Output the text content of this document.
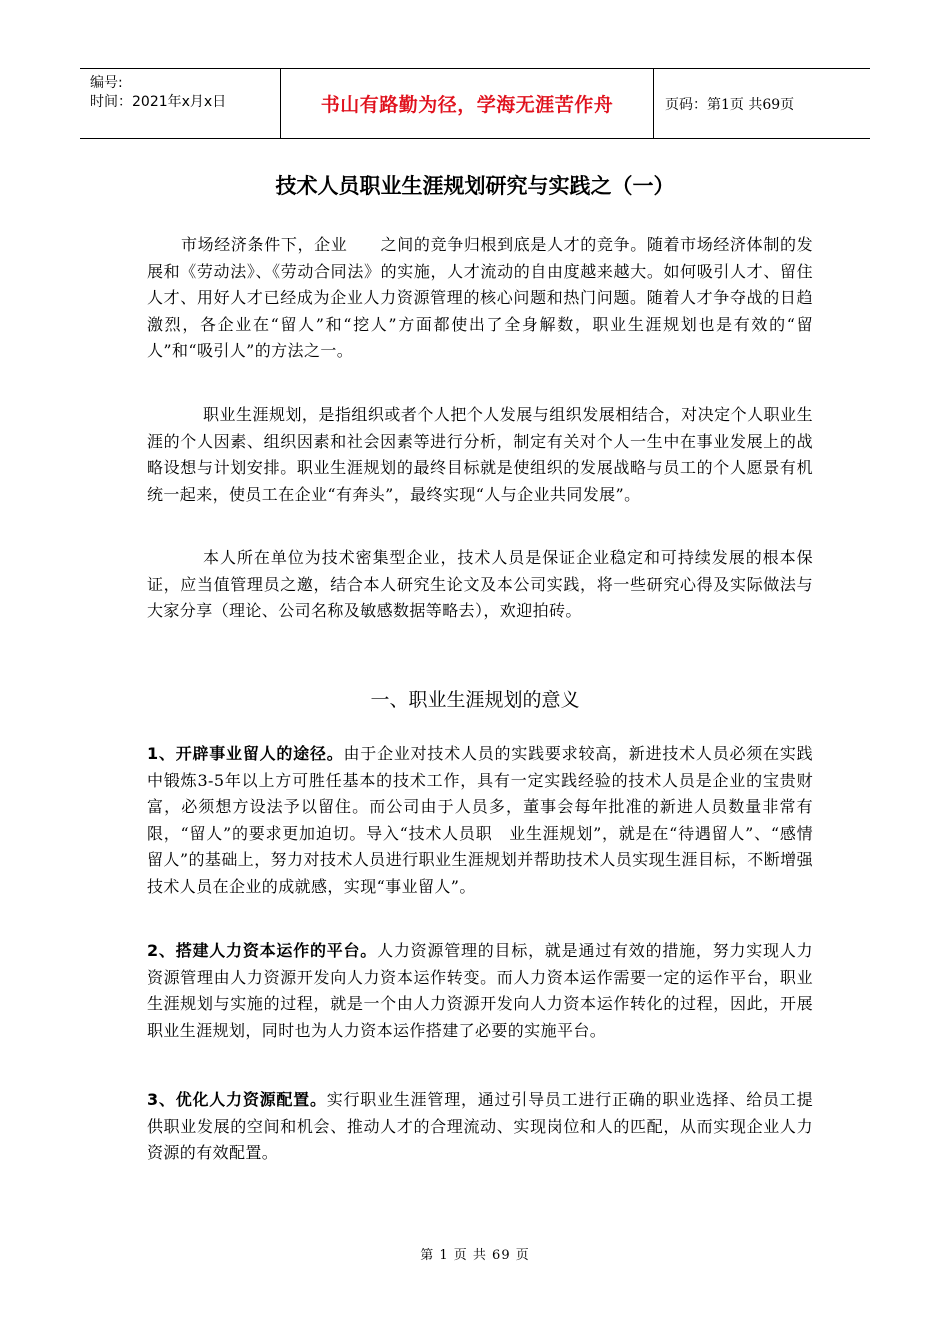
编号:
时间：2021年x月x日	书山有路勤为径，学海无涯苦作舟	页码：第1页 共69页
技术人员职业生涯规划研究与实践之（一）

市场经济条件下，企业　　之间的竞争归根到底是人才的竞争。随着市场经济体制的发展和《劳动法》、《劳动合同法》的实施，人才流动的自由度越来越大。如何吸引人才、留住人才、用好人才已经成为企业人力资源管理的核心问题和热门问题。随着人才争夺战的日趋激烈，各企业在“留人”和“挖人”方面都使出了全身解数，职业生涯规划也是有效的“留人”和“吸引人”的方法之一。

职业生涯规划，是指组织或者个人把个人发展与组织发展相结合，对决定个人职业生涯的个人因素、组织因素和社会因素等进行分析，制定有关对个人一生中在事业发展上的战略设想与计划安排。职业生涯规划的最终目标就是使组织的发展战略与员工的个人愿景有机统一起来，使员工在企业“有奔头”，最终实现“人与企业共同发展”。

本人所在单位为技术密集型企业，技术人员是保证企业稳定和可持续发展的根本保证，应当值管理员之邀，结合本人研究生论文及本公司实践，将一些研究心得及实际做法与大家分享（理论、公司名称及敏感数据等略去），欢迎拍砖。

一、职业生涯规划的意义

1、开辟事业留人的途径。由于企业对技术人员的实践要求较高，新进技术人员必须在实践中锻炼3-5年以上方可胜任基本的技术工作，具有一定实践经验的技术人员是企业的宝贵财富，必须想方设法予以留住。而公司由于人员多，董事会每年批准的新进人员数量非常有限，“留人”的要求更加迫切。导入“技术人员职　业生涯规划”，就是在“待遇留人”、“感情留人”的基础上，努力对技术人员进行职业生涯规划并帮助技术人员实现生涯目标，不断增强技术人员在企业的成就感，实现“事业留人”。

2、搭建人力资本运作的平台。人力资源管理的目标，就是通过有效的措施，努力实现人力资源管理由人力资源开发向人力资本运作转变。而人力资本运作需要一定的运作平台，职业生涯规划与实施的过程，就是一个由人力资源开发向人力资本运作转化的过程，因此，开展职业生涯规划，同时也为人力资本运作搭建了必要的实施平台。

3、优化人力资源配置。实行职业生涯管理，通过引导员工进行正确的职业选择、给员工提供职业发展的空间和机会、推动人才的合理流动、实现岗位和人的匹配，从而实现企业人力资源的有效配置。

第 1 页 共 69 页
